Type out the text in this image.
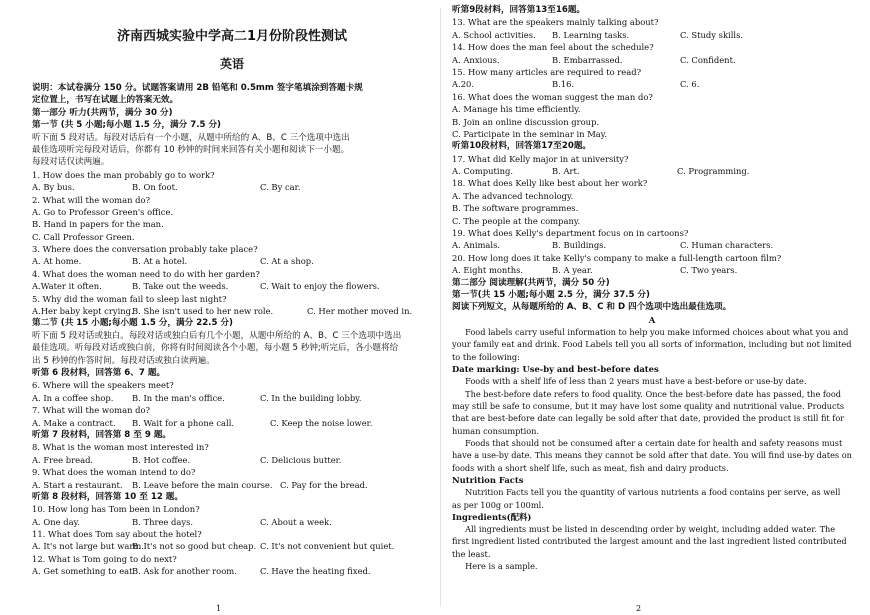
济南西城实验中学高二1月份阶段性测试
英语
说明：本试卷满分 150 分。试题答案请用 2B 铅笔和 0.5mm 签字笔填涂到答题卡规
定位置上，书写在试题上的答案无效。
第一部分 听力(共两节，满分 30 分)
第一节 (共 5 小题;每小题 1.5 分，满分 7.5 分)
听下面 5 段对话。每段对话后有一个小题，从题中所给的 A、B、C 三个选项中选出
最佳选项听完每段对话后，你都有 10 秒钟的时间来回答有关小题和阅读下一小题。
每段对话仅读两遍。
1. How does the man probably go to work?
A. By bus.	B. On foot.	C. By car.
2. What will the woman do?
A. Go to Professor Green's office.
B. Hand in papers for the man.
C. Call Professor Green.
3. Where does the conversation probably take place?
A. At home.	B. At a hotel.	C. At a shop.
4. What does the woman need to do with her garden?
A.Water it often.	B. Take out the weeds.	C. Wait to enjoy the flowers.
5. Why did the woman fail to sleep last night?
A.Her baby kept crying.
B. She isn't used to her new role.	C. Her mother moved in.
第二节 (共 15 小题;每小题 1.5 分，满分 22.5 分)
听下面 5 段对话或独白。每段对话或独白后有几个小题，从题中所给的 A、B、C 三个选项中选出
最佳选项。听每段对话或独白前，你将有时间阅读各个小题，每小题 5 秒钟;听完后，各小题将给
出 5 秒钟的作答时间。每段对话或独白读两遍。
听第 6 段材料，回答第 6、7 题。
6. Where will the speakers meet?
A. In a coffee shop.	B. In the man's office.	C. In the building lobby.
7. What will the woman do?
A. Make a contract.	B. Wait for a phone call.	C. Keep the noise lower.
听第 7 段材料，回答第 8 至 9 题。
8. What is the woman most interested in?
A. Free bread.	B. Hot coffee.	C. Delicious butter.
9. What does the woman intend to do?
A. Start a restaurant.	B. Leave before the main course. C. Pay for the bread.
听第 8 段材料，回答第 10 至 12 题。
10. How long has Tom been in London?
A. One day.	B. Three days.	C. About a week.
11. What does Tom say about the hotel?
A. It's not large but warm.
B. It's not so good but cheap. C. It's not convenient but quiet.
12. What is Tom going to do next?
A. Get something to eat.
B. Ask for another room.	C. Have the heating fixed.
1
听第9段材料，回答第13至16题。
13. What are the speakers mainly talking about?
A. School activities.	B. Learning tasks.	C. Study skills.
14. How does the man feel about the schedule?
A. Anxious.	B. Embarrassed.	C. Confident.
15. How many articles are required to read?
A.20.	B.16.	C. 6.
16. What does the woman suggest the man do?
A. Manage his time efficiently.
B. Join an online discussion group.
C. Participate in the seminar in May.
听第10段材料，回答第17至20题。
17. What did Kelly major in at university?
A. Computing.	B. Art.	C. Programming.
18. What does Kelly like best about her work?
A. The advanced technology.
B. The software programmes.
C. The people at the company.
19. What does Kelly's department focus on in cartoons?
A. Animals.	B. Buildings.	C. Human characters.
20. How long does it take Kelly's company to make a full-length cartoon film?
A. Eight months.	B. A year.	C. Two years.
第二部分 阅读理解(共两节，满分 50 分)
第一节(共 15 小题;每小题 2.5 分，满分 37.5 分)
阅读下列短文，从每题所给的 A、B、C 和 D 四个选项中选出最佳选项。
A
Food labels carry useful information to help you make informed choices about what you and your family eat and drink. Food Labels tell you all sorts of information, including but not limited to the following:
Date marking: Use-by and best-before dates
Foods with a shelf life of less than 2 years must have a best-before or use-by date.
The best-before date refers to food quality. Once the best-before date has passed, the food may still be safe to consume, but it may have lost some quality and nutritional value. Products that are best-before date can legally be sold after that date, provided the product is still fit for human consumption.
Foods that should not be consumed after a certain date for health and safety reasons must have a use-by date. This means they cannot be sold after that date. You will find use-by dates on foods with a short shelf life, such as meat, fish and dairy products.
Nutrition Facts
Nutrition Facts tell you the quantity of various nutrients a food contains per serve, as well as per 100g or 100ml.
Ingredients(配料)
All ingredients must be listed in descending order by weight, including added water. The first ingredient listed contributed the largest amount and the last ingredient listed contributed the least.
Here is a sample.
2
